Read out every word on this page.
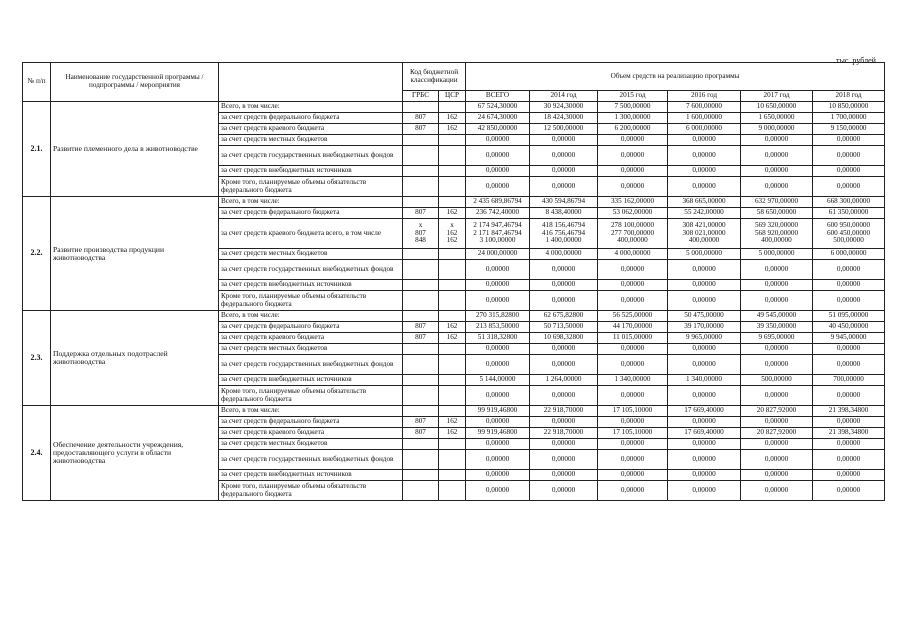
тыс. рублей
№ п/п	Наименование государственной программы / подпрограммы / мероприятия		Код бюджетной классификации		Объем средств на реализацию программы					

			ГРБС	ЦСР	ВСЕГО	2014 год	2015 год	2016 год	2017 год	2018 год
2.1.	Развитие племенного дела в животноводстве	Всего, в том числе:			67 524,30000	30 924,30000	7 500,00000	7 600,00000	10 650,00000	10 850,00000
		за счет средств федерального бюджета	807	162	24 674,30000	18 424,30000	1 300,00000	1 600,00000	1 650,00000	1 700,00000
		за счет средств краевого бюджета	807	162	42 850,00000	12 500,00000	6 200,00000	6 000,00000	9 000,00000	9 150,00000
		за счет средств местных бюджетов			0,00000	0,00000	0,00000	0,00000	0,00000	0,00000
		за счет средств государственных внебюджетных фондов			0,00000	0,00000	0,00000	0,00000	0,00000	0,00000
		за счет средств внебюджетных источников			0,00000	0,00000	0,00000	0,00000	0,00000	0,00000
		Кроме того, планируемые объемы обязательств федерального бюджета			0,00000	0,00000	0,00000	0,00000	0,00000	0,00000
2.2.	Развитие производства продукции животноводства	Всего, в том числе:			2 435 689,86794	430 594,86794	335 162,00000	368 665,00000	632 970,00000	668 300,00000
		за счет средств федерального бюджета	807	162	236 742,40000	8 438,40000	53 062,00000	55 242,00000	58 650,00000	61 350,00000
		за счет средств краевого бюджета всего, в том числе	x
807
848	x
162
162	2 174 947,46794
2 171 847,46794
3 100,00000	418 156,46794
416 756,46794
1 400,00000	278 100,00000
277 700,00000
400,00000	308 421,00000
308 021,00000
400,00000	569 320,00000
568 920,00000
400,00000	600 950,00000
600 450,00000
500,00000
		за счет средств местных бюджетов			24 000,00000	4 000,00000	4 000,00000	5 000,00000	5 000,00000	6 000,00000
		за счет средств государственных внебюджетных фондов			0,00000	0,00000	0,00000	0,00000	0,00000	0,00000
		за счет средств внебюджетных источников			0,00000	0,00000	0,00000	0,00000	0,00000	0,00000
		Кроме того, планируемые объемы обязательств федерального бюджета			0,00000	0,00000	0,00000	0,00000	0,00000	0,00000
2.3.	Поддержка отдельных подотраслей животноводства	Всего, в том числе:			270 315,82800	62 675,82800	56 525,00000	50 475,00000	49 545,00000	51 095,00000
		за счет средств федерального бюджета	807	162	213 853,50000	50 713,50000	44 170,00000	39 170,00000	39 350,00000	40 450,00000
		за счет средств краевого бюджета	807	162	51 318,32800	10 698,32800	11 015,00000	9 965,00000	9 695,00000	9 945,00000
		за счет средств местных бюджетов			0,00000	0,00000	0,00000	0,00000	0,00000	0,00000
		за счет средств государственных внебюджетных фондов			0,00000	0,00000	0,00000	0,00000	0,00000	0,00000
		за счет средств внебюджетных источников			5 144,00000	1 264,00000	1 340,00000	1 340,00000	500,00000	700,00000
		Кроме того, планируемые объемы обязательств федерального бюджета			0,00000	0,00000	0,00000	0,00000	0,00000	0,00000
2.4.	Обеспечение деятельности учреждения, предоставляющего услуги в области животноводства	Всего, в том числе:			99 919,46800	22 918,70000	17 105,10000	17 669,40000	20 827,92000	21 398,34800
		за счет средств федерального бюджета	807	162	0,00000	0,00000	0,00000	0,00000	0,00000	0,00000
		за счет средств краевого бюджета	807	162	99 919,46800	22 918,70000	17 105,10000	17 669,40000	20 827,92000	21 398,34800
		за счет средств местных бюджетов			0,00000	0,00000	0,00000	0,00000	0,00000	0,00000
		за счет средств государственных внебюджетных фондов			0,00000	0,00000	0,00000	0,00000	0,00000	0,00000
		за счет средств внебюджетных источников			0,00000	0,00000	0,00000	0,00000	0,00000	0,00000
		Кроме того, планируемые объемы обязательств федерального бюджета			0,00000	0,00000	0,00000	0,00000	0,00000	0,00000
